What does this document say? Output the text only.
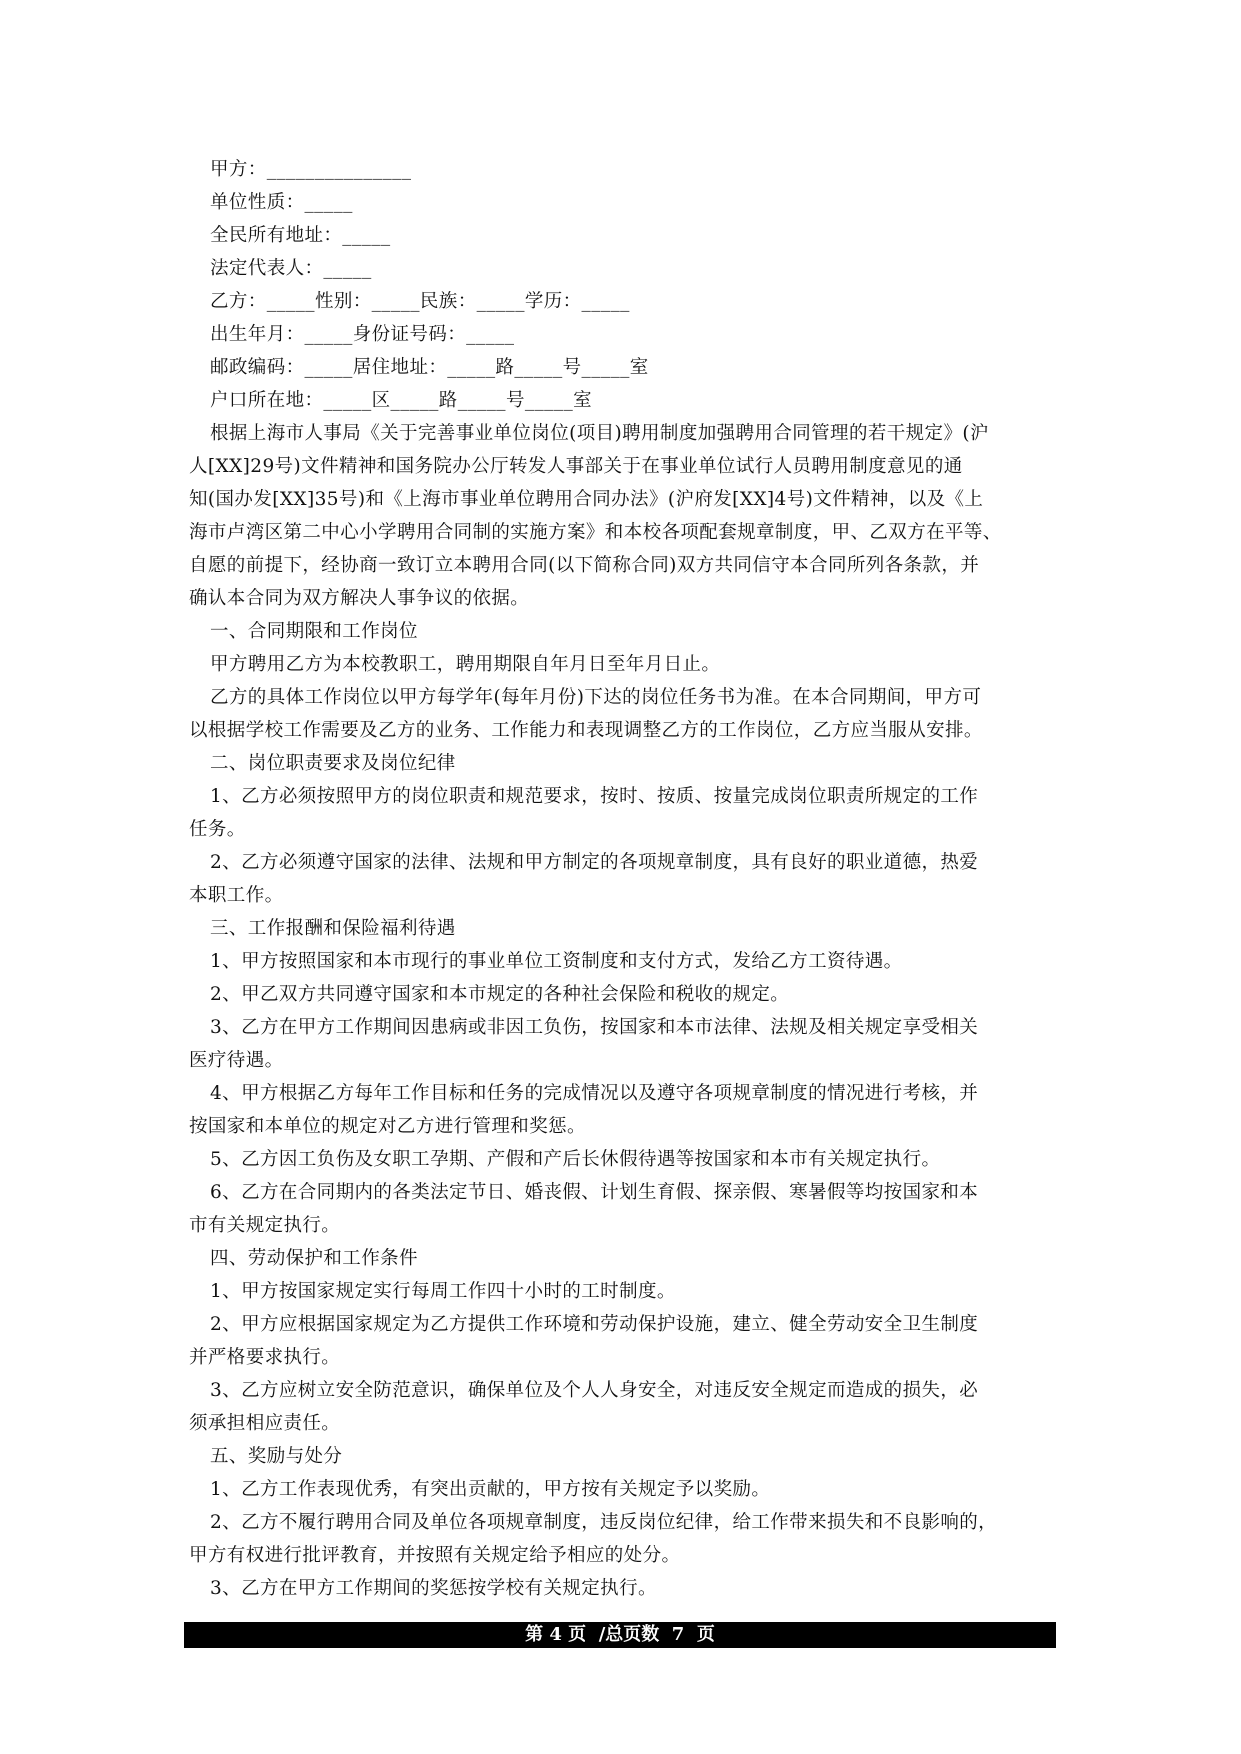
甲方：_______________
单位性质：_____
全民所有地址：_____
法定代表人：_____
乙方：_____性别：_____民族：_____学历：_____
出生年月：_____身份证号码：_____
邮政编码：_____居住地址：_____路_____号_____室
户口所在地：_____区_____路_____号_____室
根据上海市人事局《关于完善事业单位岗位(项目)聘用制度加强聘用合同管理的若干规定》(沪
人[XX]29号)文件精神和国务院办公厅转发人事部关于在事业单位试行人员聘用制度意见的通
知(国办发[XX]35号)和《上海市事业单位聘用合同办法》(沪府发[XX]4号)文件精神，以及《上
海市卢湾区第二中心小学聘用合同制的实施方案》和本校各项配套规章制度，甲、乙双方在平等、
自愿的前提下，经协商一致订立本聘用合同(以下简称合同)双方共同信守本合同所列各条款，并
确认本合同为双方解决人事争议的依据。
一、合同期限和工作岗位
甲方聘用乙方为本校教职工，聘用期限自年月日至年月日止。
乙方的具体工作岗位以甲方每学年(每年月份)下达的岗位任务书为准。在本合同期间，甲方可
以根据学校工作需要及乙方的业务、工作能力和表现调整乙方的工作岗位，乙方应当服从安排。
二、岗位职责要求及岗位纪律
1、乙方必须按照甲方的岗位职责和规范要求，按时、按质、按量完成岗位职责所规定的工作
任务。
2、乙方必须遵守国家的法律、法规和甲方制定的各项规章制度，具有良好的职业道德，热爱
本职工作。
三、工作报酬和保险福利待遇
1、甲方按照国家和本市现行的事业单位工资制度和支付方式，发给乙方工资待遇。
2、甲乙双方共同遵守国家和本市规定的各种社会保险和税收的规定。
3、乙方在甲方工作期间因患病或非因工负伤，按国家和本市法律、法规及相关规定享受相关
医疗待遇。
4、甲方根据乙方每年工作目标和任务的完成情况以及遵守各项规章制度的情况进行考核，并
按国家和本单位的规定对乙方进行管理和奖惩。
5、乙方因工负伤及女职工孕期、产假和产后长休假待遇等按国家和本市有关规定执行。
6、乙方在合同期内的各类法定节日、婚丧假、计划生育假、探亲假、寒暑假等均按国家和本
市有关规定执行。
四、劳动保护和工作条件
1、甲方按国家规定实行每周工作四十小时的工时制度。
2、甲方应根据国家规定为乙方提供工作环境和劳动保护设施，建立、健全劳动安全卫生制度
并严格要求执行。
3、乙方应树立安全防范意识，确保单位及个人人身安全，对违反安全规定而造成的损失，必
须承担相应责任。
五、奖励与处分
1、乙方工作表现优秀，有突出贡献的，甲方按有关规定予以奖励。
2、乙方不履行聘用合同及单位各项规章制度，违反岗位纪律，给工作带来损失和不良影响的，
甲方有权进行批评教育，并按照有关规定给予相应的处分。
3、乙方在甲方工作期间的奖惩按学校有关规定执行。
第 4 页  /总页数  7  页
